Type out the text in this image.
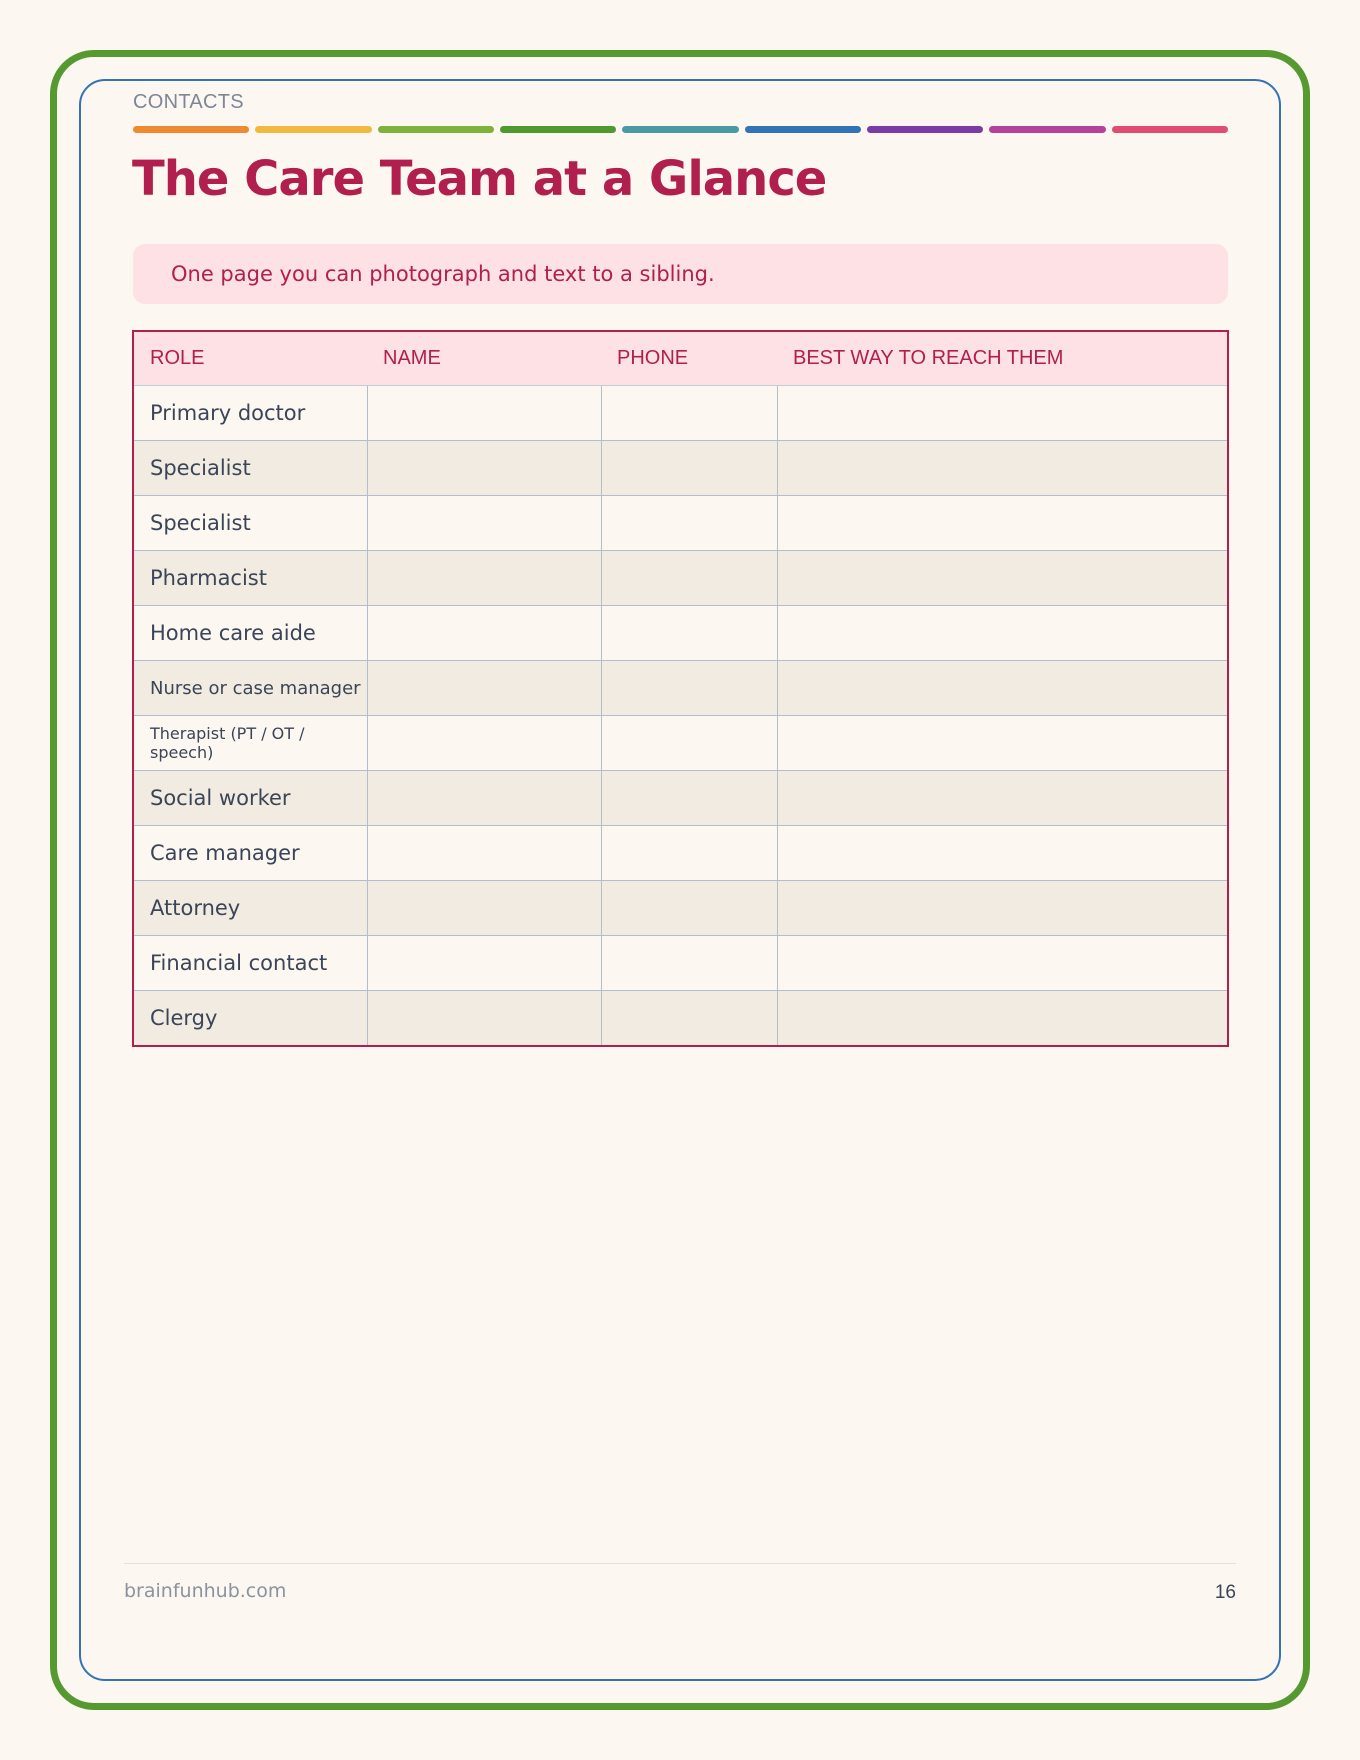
CONTACTS
The Care Team at a Glance
One page you can photograph and text to a sibling.
ROLE	NAME	PHONE	BEST WAY TO REACH THEM
Primary doctor			
Specialist			
Specialist			
Pharmacist			
Home care aide			
Nurse or case manager			
Therapist (PT / OT / speech)			
Social worker			
Care manager			
Attorney			
Financial contact			
Clergy			
brainfunhub.com	16
